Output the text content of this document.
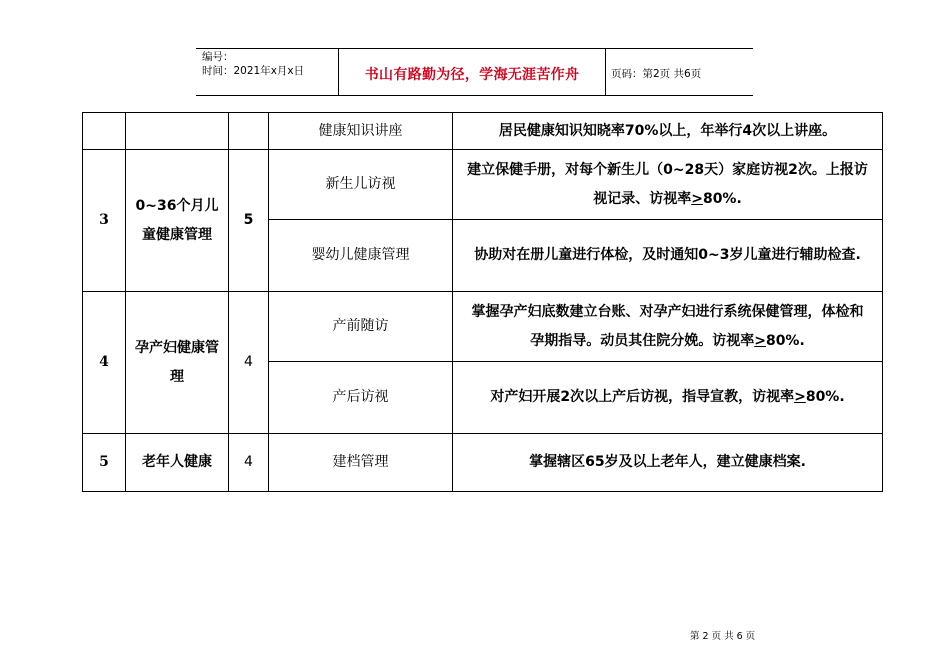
编号：
时间：2021年x月x日	书山有路勤为径，学海无涯苦作舟	页码：第2页 共6页
			健康知识讲座	居民健康知识知晓率70%以上，年举行4次以上讲座。
3	0~36个月儿童健康管理	5	新生儿访视	建立保健手册，对每个新生儿（0~28天）家庭访视2次。上报访视记录、访视率>80%.
			婴幼儿健康管理	协助对在册儿童进行体检，及时通知0~3岁儿童进行辅助检查.
4	孕产妇健康管理	4	产前随访	掌握孕产妇底数建立台账、对孕产妇进行系统保健管理，体检和孕期指导。动员其住院分娩。访视率>80%.
			产后访视	对产妇开展2次以上产后访视，指导宣教，访视率>80%.
5	老年人健康	4	建档管理	掌握辖区65岁及以上老年人，建立健康档案.
第 2 页 共 6 页
